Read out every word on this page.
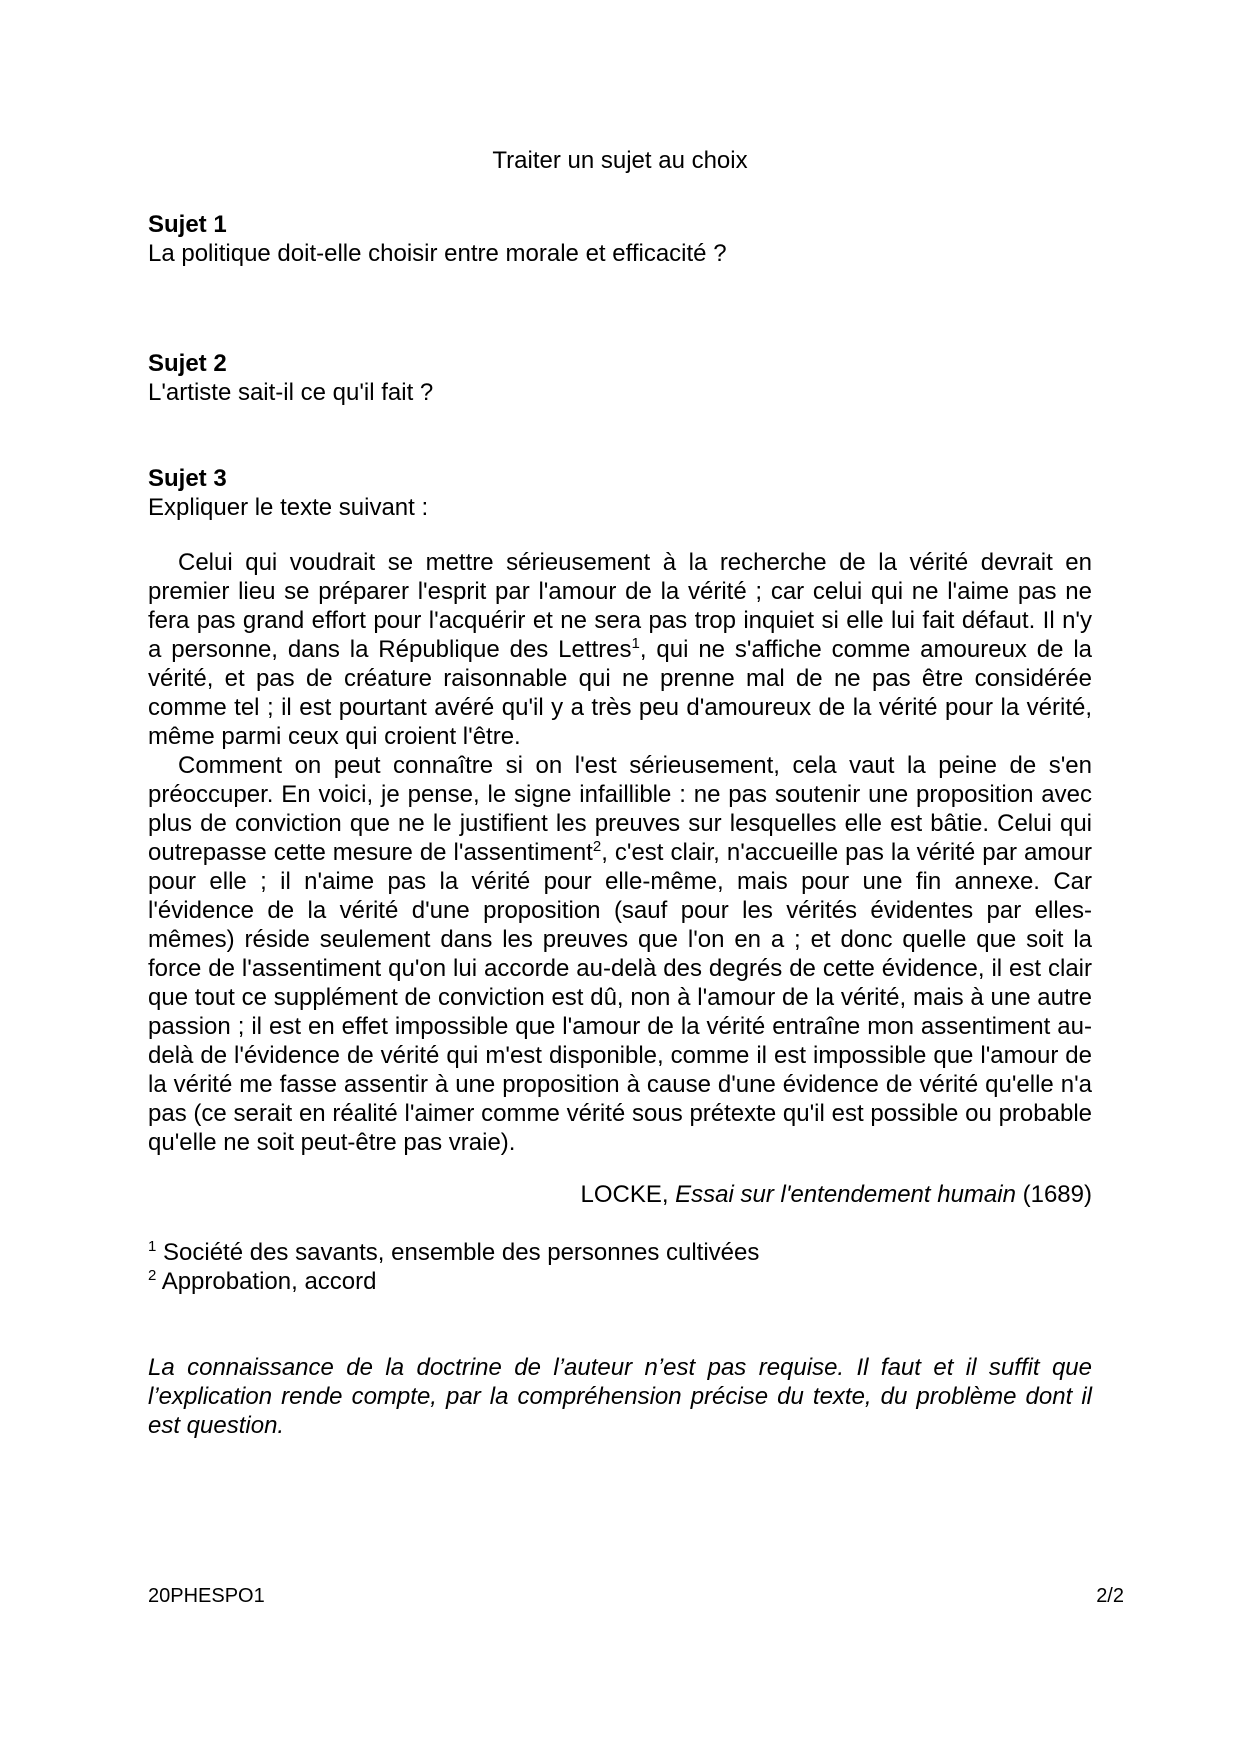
Traiter un sujet au choix
Sujet 1
La politique doit-elle choisir entre morale et efficacité ?
Sujet 2
L'artiste sait-il ce qu'il fait ?
Sujet 3
Expliquer le texte suivant :

Celui qui voudrait se mettre sérieusement à la recherche de la vérité devrait en premier lieu se préparer l'esprit par l'amour de la vérité ; car celui qui ne l'aime pas ne fera pas grand effort pour l'acquérir et ne sera pas trop inquiet si elle lui fait défaut. Il n'y a personne, dans la République des Lettres$^1$, qui ne s'affiche comme amoureux de la vérité, et pas de créature raisonnable qui ne prenne mal de ne pas être considérée comme tel ; il est pourtant avéré qu'il y a très peu d'amoureux de la vérité pour la vérité, même parmi ceux qui croient l'être.

Comment on peut connaître si on l'est sérieusement, cela vaut la peine de s'en préoccuper. En voici, je pense, le signe infaillible : ne pas soutenir une proposition avec plus de conviction que ne le justifient les preuves sur lesquelles elle est bâtie. Celui qui outrepasse cette mesure de l'assentiment$^2$, c'est clair, n'accueille pas la vérité par amour pour elle ; il n'aime pas la vérité pour elle-même, mais pour une fin annexe. Car l'évidence de la vérité d'une proposition (sauf pour les vérités évidentes par elles-mêmes) réside seulement dans les preuves que l'on en a ; et donc quelle que soit la force de l'assentiment qu'on lui accorde au-delà des degrés de cette évidence, il est clair que tout ce supplément de conviction est dû, non à l'amour de la vérité, mais à une autre passion ; il est en effet impossible que l'amour de la vérité entraîne mon assentiment au-delà de l'évidence de vérité qui m'est disponible, comme il est impossible que l'amour de la vérité me fasse assentir à une proposition à cause d'une évidence de vérité qu'elle n'a pas (ce serait en réalité l'aimer comme vérité sous prétexte qu'il est possible ou probable qu'elle ne soit peut-être pas vraie).

LOCKE, Essai sur l'entendement humain (1689)
$^1$ Société des savants, ensemble des personnes cultivées
$^2$ Approbation, accord
La connaissance de la doctrine de l’auteur n’est pas requise. Il faut et il suffit que l’explication rende compte, par la compréhension précise du texte, du problème dont il est question.
20PHESPO1	2/2
